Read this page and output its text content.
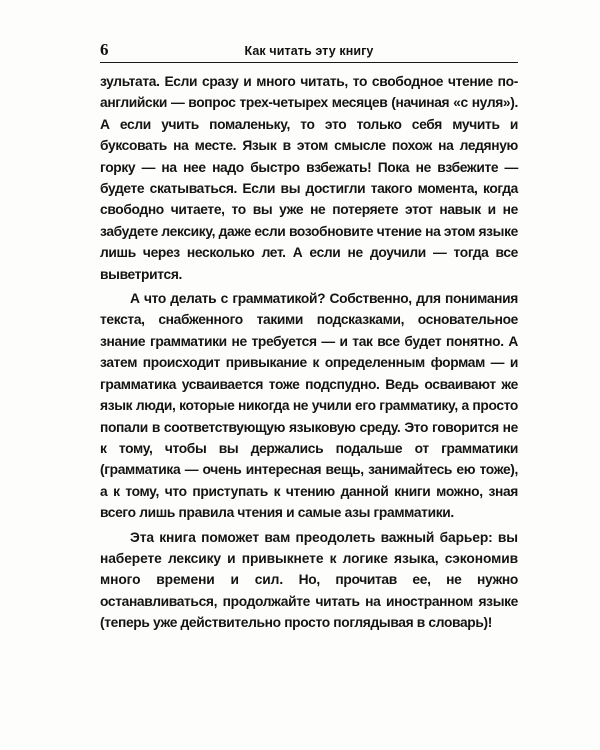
6	Как читать эту книгу

зультата. Если сразу и много читать, то свободное чтение по-английски — вопрос трех-четырех месяцев (начиная «с нуля»). А если учить помаленьку, то это только себя мучить и буксовать на месте. Язык в этом смысле похож на ледяную горку — на нее надо быстро взбежать! Пока не взбежите — будете скатываться. Если вы достигли такого момента, когда свободно читаете, то вы уже не потеряете этот навык и не забудете лексику, даже если возобновите чтение на этом языке лишь через несколько лет. А если не доучили — тогда все выветрится.

А что делать с грамматикой? Собственно, для понимания текста, снабженного такими подсказками, основательное знание грамматики не требуется — и так все будет понятно. А затем происходит привыкание к определенным формам — и грамматика усваивается тоже подспудно. Ведь осваивают же язык люди, которые никогда не учили его грамматику, а просто попали в соответствующую языковую среду. Это говорится не к тому, чтобы вы держались подальше от грамматики (грамматика — очень интересная вещь, занимайтесь ею тоже), а к тому, что приступать к чтению данной книги можно, зная всего лишь правила чтения и самые азы грамматики.

Эта книга поможет вам преодолеть важный барьер: вы наберете лексику и привыкнете к логике языка, сэкономив много времени и сил. Но, прочитав ее, не нужно останавливаться, продолжайте читать на иностранном языке (теперь уже действительно просто поглядывая в словарь)!
